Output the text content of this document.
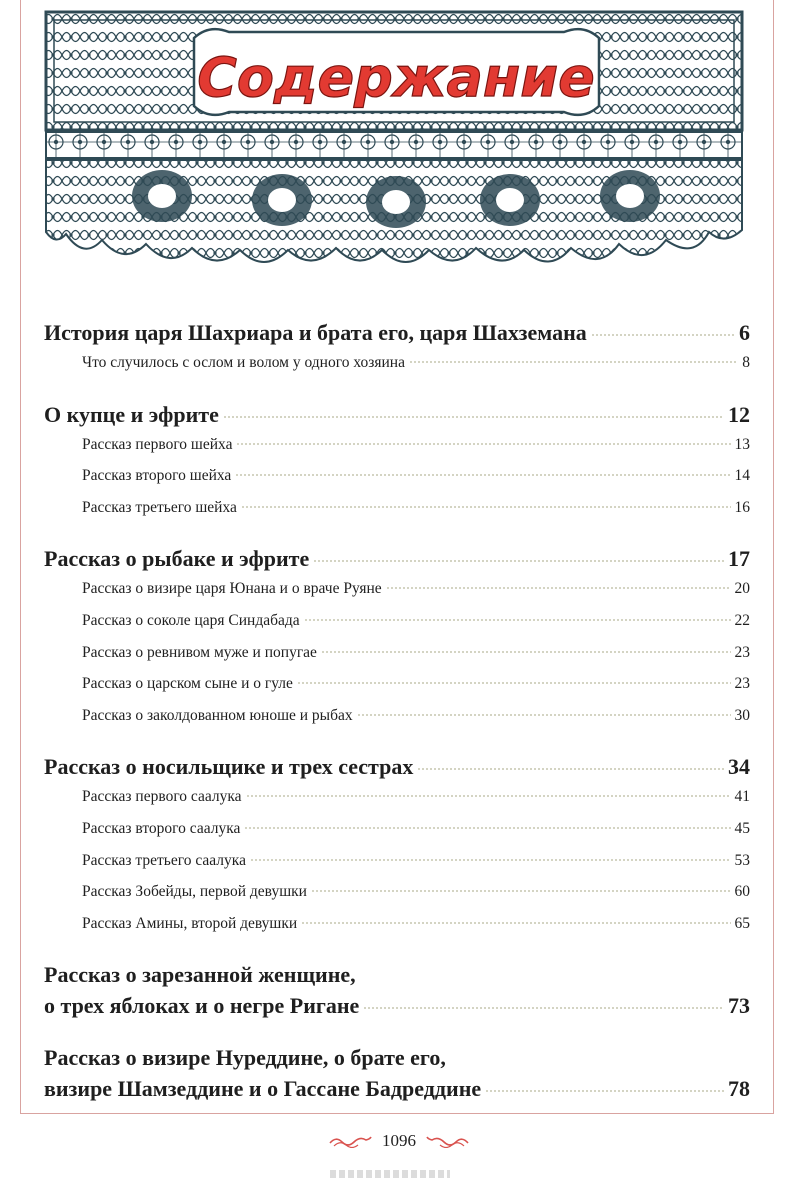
Содержание
История царя Шахриара и брата его, царя Шахземана	6
Что случилось с ослом и волом у одного хозяина	8
О купце и эфрите	12
Рассказ первого шейха	13
Рассказ второго шейха	14
Рассказ третьего шейха	16
Рассказ о рыбаке и эфрите	17
Рассказ о визире царя Юнана и о враче Руяне	20
Рассказ о соколе царя Синдабада	22
Рассказ о ревнивом муже и попугае	23
Рассказ о царском сыне и о гуле	23
Рассказ о заколдованном юноше и рыбах	30
Рассказ о носильщике и трех сестрах	34
Рассказ первого саалука	41
Рассказ второго саалука	45
Рассказ третьего саалука	53
Рассказ Зобейды, первой девушки	60
Рассказ Амины, второй девушки	65
Рассказ о зарезанной женщине,
о трех яблоках и о негре Ригане	73
Рассказ о визире Нуреддине, о брате его,
визире Шамзеддине и о Гассане Бадреддине	78
1096
